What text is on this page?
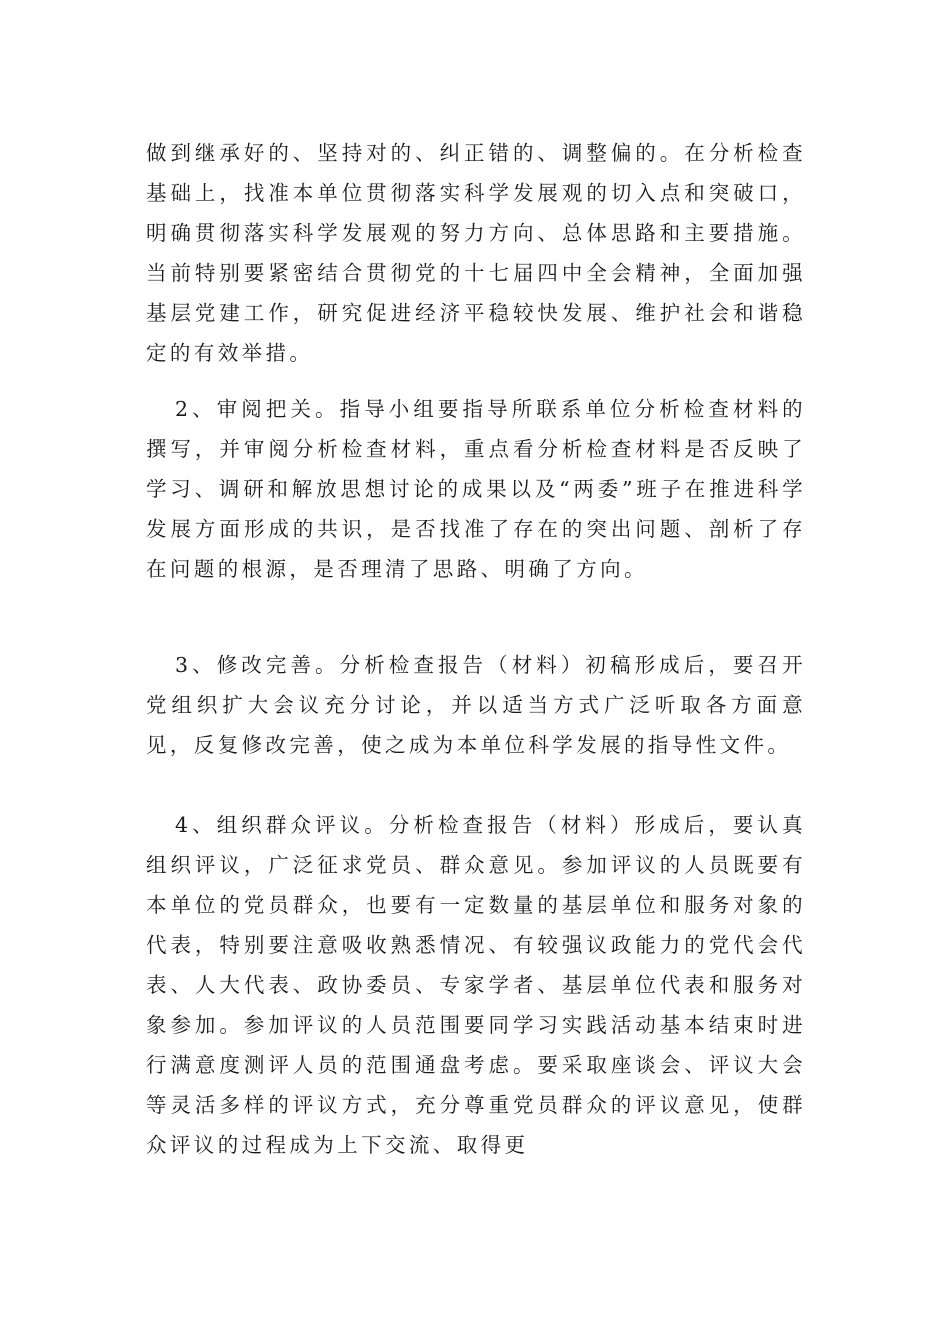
做到继承好的、坚持对的、纠正错的、调整偏的。在分析检查基础上，找准本单位贯彻落实科学发展观的切入点和突破口，明确贯彻落实科学发展观的努力方向、总体思路和主要措施。当前特别要紧密结合贯彻党的十七届四中全会精神，全面加强基层党建工作，研究促进经济平稳较快发展、维护社会和谐稳定的有效举措。

2、审阅把关。指导小组要指导所联系单位分析检查材料的撰写，并审阅分析检查材料，重点看分析检查材料是否反映了学习、调研和解放思想讨论的成果以及“两委”班子在推进科学发展方面形成的共识，是否找准了存在的突出问题、剖析了存在问题的根源，是否理清了思路、明确了方向。

3、修改完善。分析检查报告（材料）初稿形成后，要召开党组织扩大会议充分讨论，并以适当方式广泛听取各方面意见，反复修改完善，使之成为本单位科学发展的指导性文件。

4、组织群众评议。分析检查报告（材料）形成后，要认真组织评议，广泛征求党员、群众意见。参加评议的人员既要有本单位的党员群众，也要有一定数量的基层单位和服务对象的代表，特别要注意吸收熟悉情况、有较强议政能力的党代会代表、人大代表、政协委员、专家学者、基层单位代表和服务对象参加。参加评议的人员范围要同学习实践活动基本结束时进行满意度测评人员的范围通盘考虑。要采取座谈会、评议大会等灵活多样的评议方式，充分尊重党员群众的评议意见，使群众评议的过程成为上下交流、取得更
